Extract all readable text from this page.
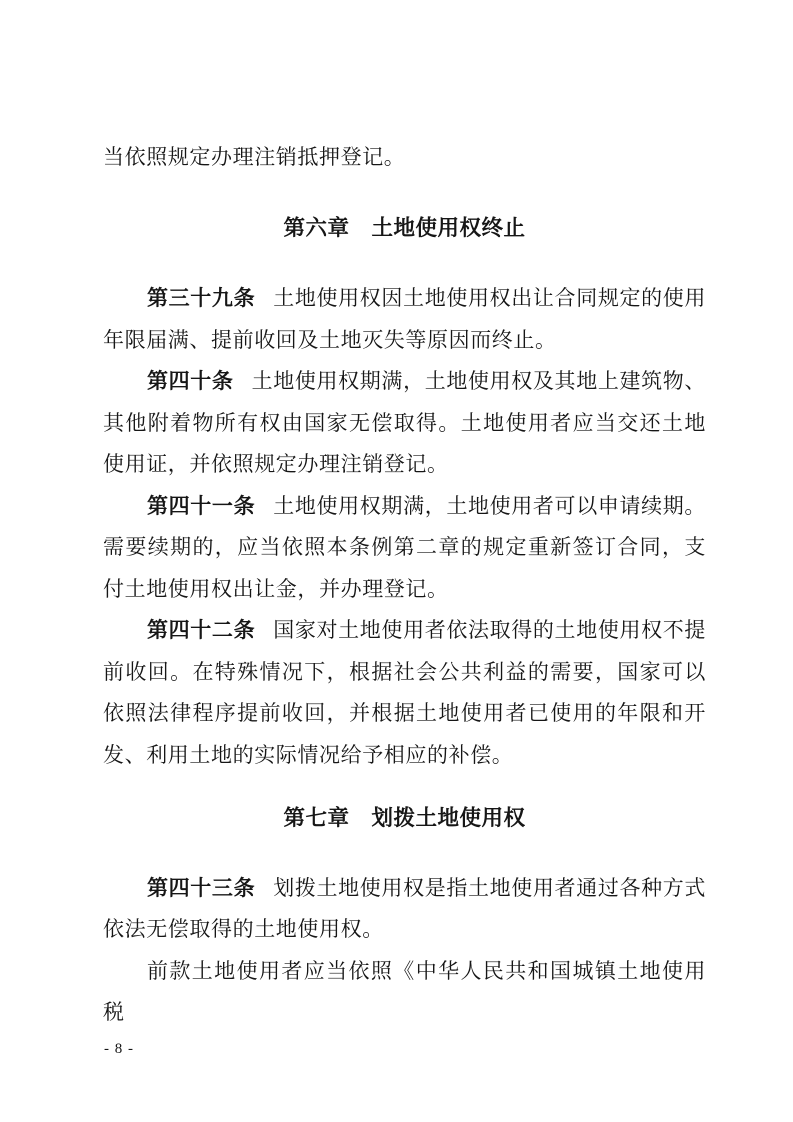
当依照规定办理注销抵押登记。

第六章　土地使用权终止

第三十九条 土地使用权因土地使用权出让合同规定的使用年限届满、提前收回及土地灭失等原因而终止。

第四十条 土地使用权期满，土地使用权及其地上建筑物、其他附着物所有权由国家无偿取得。土地使用者应当交还土地使用证，并依照规定办理注销登记。

第四十一条 土地使用权期满，土地使用者可以申请续期。需要续期的，应当依照本条例第二章的规定重新签订合同，支付土地使用权出让金，并办理登记。

第四十二条 国家对土地使用者依法取得的土地使用权不提前收回。在特殊情况下，根据社会公共利益的需要，国家可以依照法律程序提前收回，并根据土地使用者已使用的年限和开发、利用土地的实际情况给予相应的补偿。

第七章　划拨土地使用权

第四十三条 划拨土地使用权是指土地使用者通过各种方式依法无偿取得的土地使用权。

前款土地使用者应当依照《中华人民共和国城镇土地使用税

- 8 -
